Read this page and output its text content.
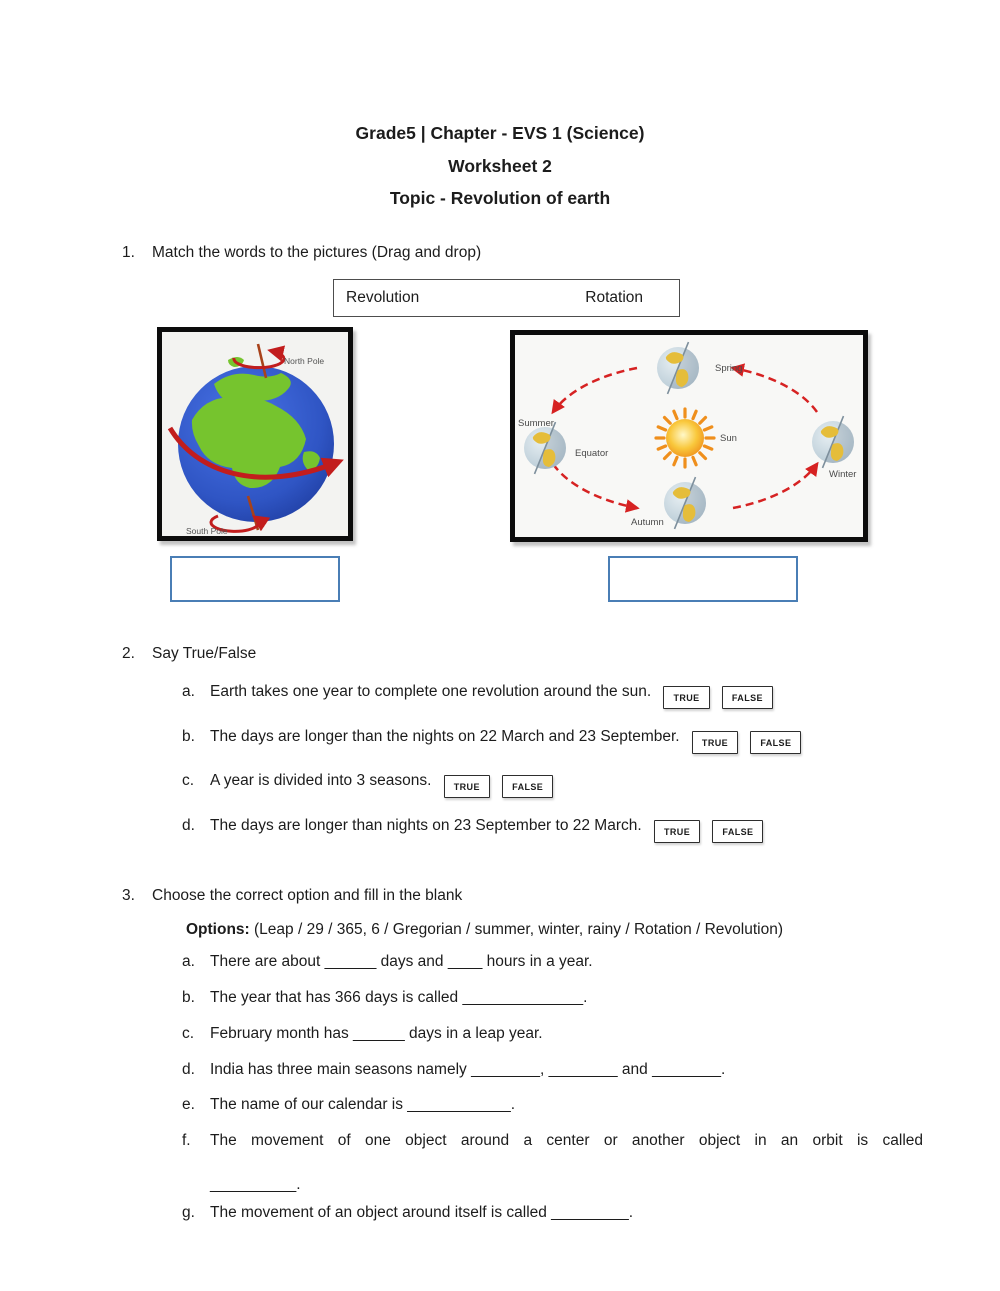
Grade5 | Chapter - EVS 1 (Science)
Worksheet 2
Topic - Revolution of earth
1. Match the words to the pictures (Drag and drop)
Revolution	Rotation
North Pole
South Pole
Spring
Summer
Equator
Autumn
Winter
Sun
2. Say True/False
a. Earth takes one year to complete one revolution around the sun. TRUE	FALSE
b. The days are longer than the nights on 22 March and 23 September. TRUE	FALSE
c. A year is divided into 3 seasons. TRUE	FALSE
d. The days are longer than nights on 23 September to 22 March. TRUE	FALSE
3. Choose the correct option and fill in the blank
Options: (Leap / 29 / 365, 6 / Gregorian / summer, winter, rainy / Rotation / Revolution)
a. There are about ______ days and ____ hours in a year.
b. The year that has 366 days is called ______________.
c. February month has ______ days in a leap year.
d. India has three main seasons namely ________, ________ and ________.
e. The name of our calendar is ____________.
f. The movement of one object around a center or another object in an orbit is called
__________.
g. The movement of an object around itself is called _________.
